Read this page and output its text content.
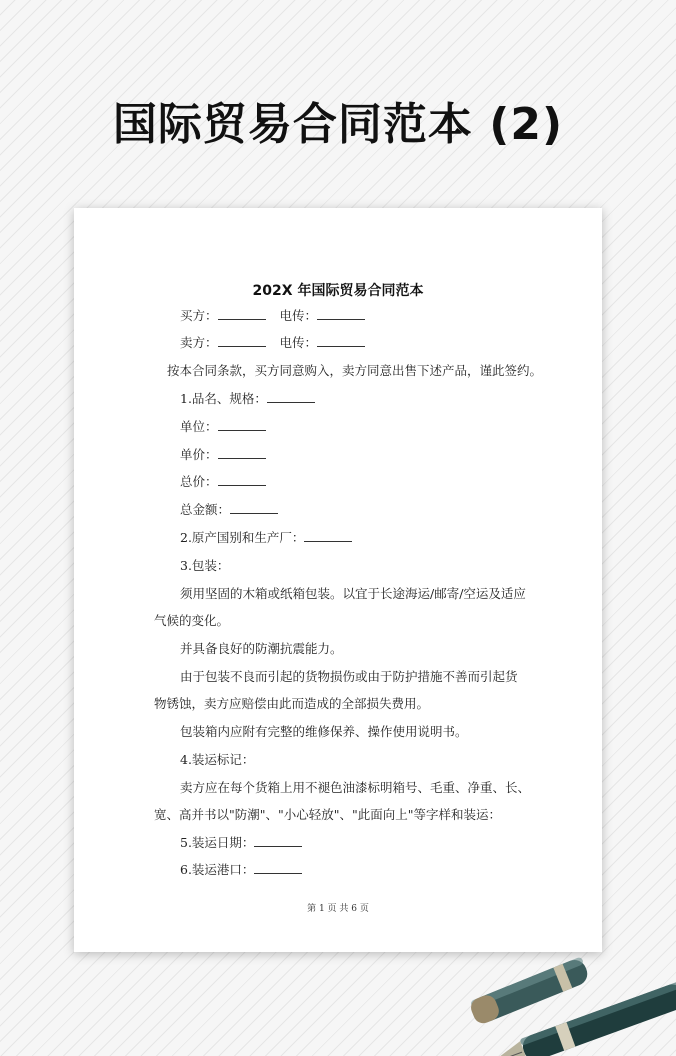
国际贸易合同范本 (2)
202X 年国际贸易合同范本
买方：	电传：
卖方：	电传：
按本合同条款，买方同意购入，卖方同意出售下述产品，谨此签约。
1.品名、规格：
单位：
单价：
总价：
总金额：
2.原产国别和生产厂：
3.包装：
须用坚固的木箱或纸箱包装。以宜于长途海运/邮寄/空运及适应
气候的变化。
并具备良好的防潮抗震能力。
由于包装不良而引起的货物损伤或由于防护措施不善而引起货
物锈蚀，卖方应赔偿由此而造成的全部损失费用。
包装箱内应附有完整的维修保养、操作使用说明书。
4.装运标记：
卖方应在每个货箱上用不褪色油漆标明箱号、毛重、净重、长、
宽、高并书以"防潮"、"小心轻放"、"此面向上"等字样和装运：
5.装运日期：
6.装运港口：
第 1 页 共 6 页
